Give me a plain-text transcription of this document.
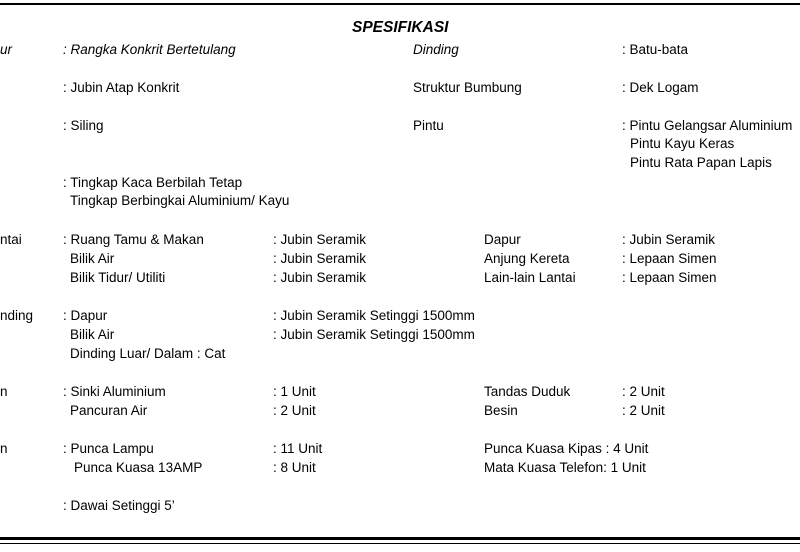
SPESIFIKASI
ur	: Rangka Konkrit Bertetulang	Dinding	: Batu-bata
: Jubin Atap Konkrit	Struktur Bumbung	: Dek Logam
: Siling	Pintu	: Pintu Gelangsar Aluminium
Pintu Kayu Keras
Pintu Rata Papan Lapis
: Tingkap Kaca Berbilah Tetap
Tingkap Berbingkai Aluminium/ Kayu
ntai	: Ruang Tamu & Makan	: Jubin Seramik	Dapur	: Jubin Seramik
Bilik Air	: Jubin Seramik	Anjung Kereta	: Lepaan Simen
Bilik Tidur/ Utiliti	: Jubin Seramik	Lain-lain Lantai	: Lepaan Simen
nding : Dapur	: Jubin Seramik Setinggi 1500mm
Bilik Air	: Jubin Seramik Setinggi 1500mm
Dinding Luar/ Dalam : Cat
n	: Sinki Aluminium	: 1 Unit	Tandas Duduk	: 2 Unit
Pancuran Air	: 2 Unit	Besin	: 2 Unit
n	: Punca Lampu	: 11 Unit	Punca Kuasa Kipas : 4 Unit
Punca Kuasa 13AMP	: 8 Unit	Mata Kuasa Telefon: 1 Unit
: Dawai Setinggi 5’
